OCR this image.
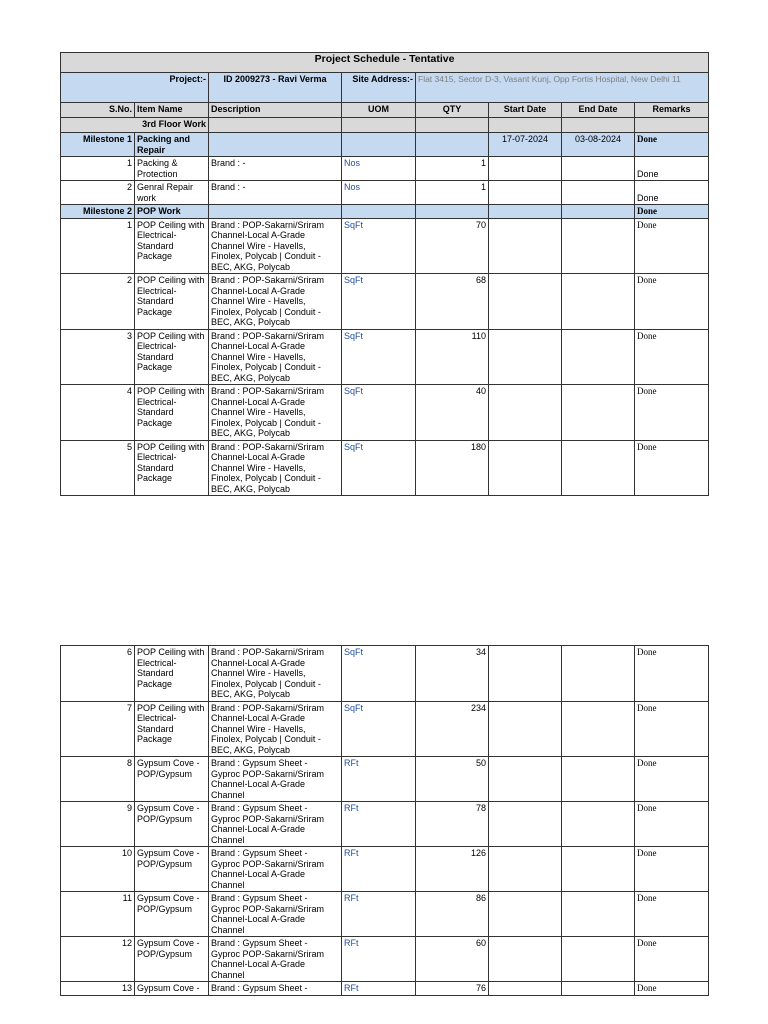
Project Schedule - Tentative							
Project:-		ID 2009273 - Ravi Verma	Site Address:-	Flat 3415, Sector D-3, Vasant Kunj, Opp Fortis Hospital, New Delhi 11			
S.No.	Item Name	Description	UOM	QTY	Start Date	End Date	Remarks
3rd Floor Work							
Milestone 1	Packing and Repair				17-07-2024	03-08-2024	Done
1	Packing & Protection	Brand : -	Nos	1			Done
2	Genral Repair work	Brand : -	Nos	1			Done
Milestone 2	POP Work						Done
1	POP Ceiling with Electrical-Standard Package	Brand : POP-Sakarni/Sriram Channel-Local A-Grade Channel Wire - Havells, Finolex, Polycab | Conduit - BEC, AKG, Polycab	SqFt	70			Done
2	POP Ceiling with Electrical-Standard Package	Brand : POP-Sakarni/Sriram Channel-Local A-Grade Channel Wire - Havells, Finolex, Polycab | Conduit - BEC, AKG, Polycab	SqFt	68			Done
3	POP Ceiling with Electrical-Standard Package	Brand : POP-Sakarni/Sriram Channel-Local A-Grade Channel Wire - Havells, Finolex, Polycab | Conduit - BEC, AKG, Polycab	SqFt	110			Done
4	POP Ceiling with Electrical-Standard Package	Brand : POP-Sakarni/Sriram Channel-Local A-Grade Channel Wire - Havells, Finolex, Polycab | Conduit - BEC, AKG, Polycab	SqFt	40			Done
5	POP Ceiling with Electrical-Standard Package	Brand : POP-Sakarni/Sriram Channel-Local A-Grade Channel Wire - Havells, Finolex, Polycab | Conduit - BEC, AKG, Polycab	SqFt	180			Done
6	POP Ceiling with Electrical-Standard Package	Brand : POP-Sakarni/Sriram Channel-Local A-Grade Channel Wire - Havells, Finolex, Polycab | Conduit - BEC, AKG, Polycab	SqFt	34			Done
7	POP Ceiling with Electrical-Standard Package	Brand : POP-Sakarni/Sriram Channel-Local A-Grade Channel Wire - Havells, Finolex, Polycab | Conduit - BEC, AKG, Polycab	SqFt	234			Done
8	Gypsum Cove - POP/Gypsum	Brand : Gypsum Sheet - Gyproc POP-Sakarni/Sriram Channel-Local A-Grade Channel	RFt	50			Done
9	Gypsum Cove - POP/Gypsum	Brand : Gypsum Sheet - Gyproc POP-Sakarni/Sriram Channel-Local A-Grade Channel	RFt	78			Done
10	Gypsum Cove - POP/Gypsum	Brand : Gypsum Sheet - Gyproc POP-Sakarni/Sriram Channel-Local A-Grade Channel	RFt	126			Done
11	Gypsum Cove - POP/Gypsum	Brand : Gypsum Sheet - Gyproc POP-Sakarni/Sriram Channel-Local A-Grade Channel	RFt	86			Done
12	Gypsum Cove - POP/Gypsum	Brand : Gypsum Sheet - Gyproc POP-Sakarni/Sriram Channel-Local A-Grade Channel	RFt	60			Done
13	Gypsum Cove -	Brand : Gypsum Sheet -	RFt	76			Done
